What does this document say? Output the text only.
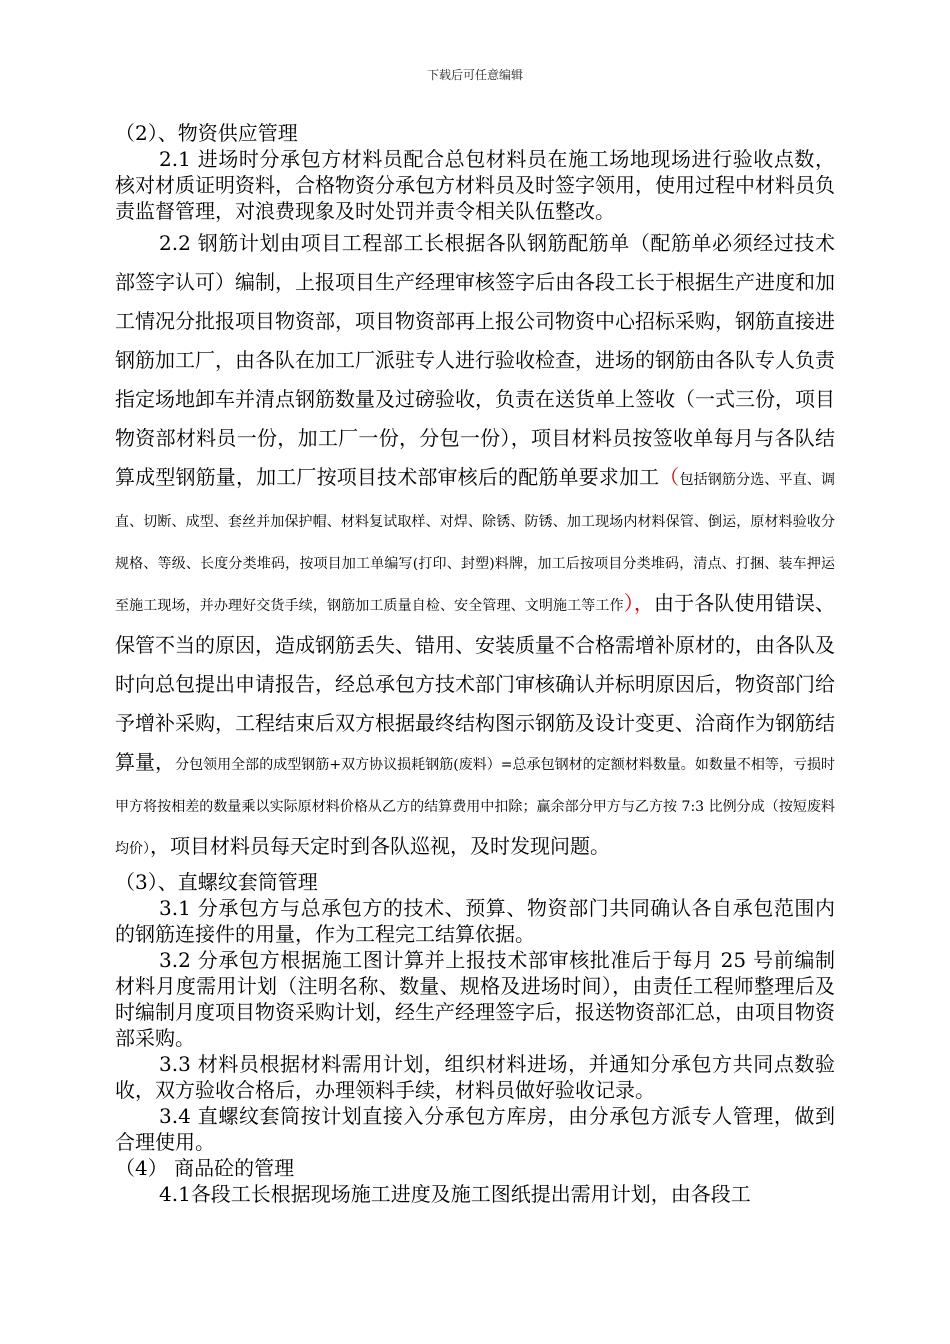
下载后可任意编辑

（2）、物资供应管理

2.1 进场时分承包方材料员配合总包材料员在施工场地现场进行验收点数，核对材质证明资料，合格物资分承包方材料员及时签字领用，使用过程中材料员负责监督管理，对浪费现象及时处罚并责令相关队伍整改。

2.2 钢筋计划由项目工程部工长根据各队钢筋配筋单（配筋单必须经过技术部签字认可）编制，上报项目生产经理审核签字后由各段工长于根据生产进度和加工情况分批报项目物资部，项目物资部再上报公司物资中心招标采购，钢筋直接进钢筋加工厂，由各队在加工厂派驻专人进行验收检查，进场的钢筋由各队专人负责指定场地卸车并清点钢筋数量及过磅验收，负责在送货单上签收（一式三份，项目物资部材料员一份，加工厂一份，分包一份），项目材料员按签收单每月与各队结算成型钢筋量，加工厂按项目技术部审核后的配筋单要求加工（包括钢筋分选、平直、调直、切断、成型、套丝并加保护帽、材料复试取样、对焊、除锈、防锈、加工现场内材料保管、倒运，原材料验收分规格、等级、长度分类堆码，按项目加工单编写(打印、封塑)料牌，加工后按项目分类堆码，清点、打捆、装车押运至施工现场，并办理好交货手续，钢筋加工质量自检、安全管理、文明施工等工作），由于各队使用错误、保管不当的原因，造成钢筋丢失、错用、安装质量不合格需增补原材的，由各队及时向总包提出申请报告，经总承包方技术部门审核确认并标明原因后，物资部门给予增补采购，工程结束后双方根据最终结构图示钢筋及设计变更、洽商作为钢筋结算量，分包领用全部的成型钢筋+双方协议损耗钢筋(废料）=总承包钢材的定额材料数量。如数量不相等，亏损时甲方将按相差的数量乘以实际原材料价格从乙方的结算费用中扣除；赢余部分甲方与乙方按 7:3 比例分成（按短废料均价），项目材料员每天定时到各队巡视，及时发现问题。

（3）、直螺纹套筒管理

3.1 分承包方与总承包方的技术、预算、物资部门共同确认各自承包范围内的钢筋连接件的用量，作为工程完工结算依据。

3.2 分承包方根据施工图计算并上报技术部审核批准后于每月 25 号前编制材料月度需用计划（注明名称、数量、规格及进场时间），由责任工程师整理后及时编制月度项目物资采购计划，经生产经理签字后，报送物资部汇总，由项目物资部采购。

3.3 材料员根据材料需用计划，组织材料进场，并通知分承包方共同点数验收，双方验收合格后，办理领料手续，材料员做好验收记录。

3.4 直螺纹套筒按计划直接入分承包方库房，由分承包方派专人管理，做到合理使用。

（4） 商品砼的管理

4.1各段工长根据现场施工进度及施工图纸提出需用计划，由各段工
